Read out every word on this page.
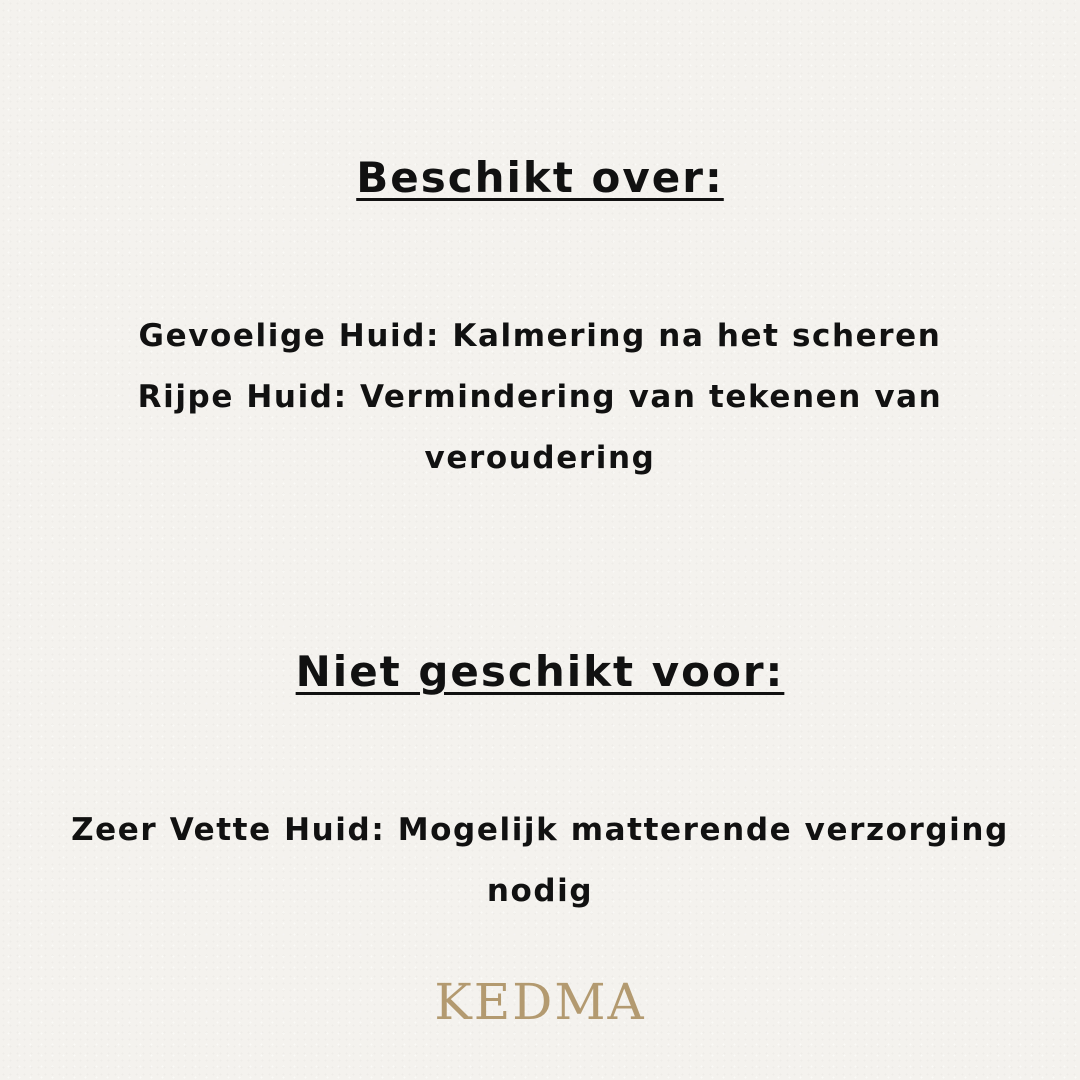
Beschikt over:
Gevoelige Huid: Kalmering na het scheren
Rijpe Huid: Vermindering van tekenen van
veroudering
Niet geschikt voor:
Zeer Vette Huid: Mogelijk matterende verzorging
nodig
KEDMA
